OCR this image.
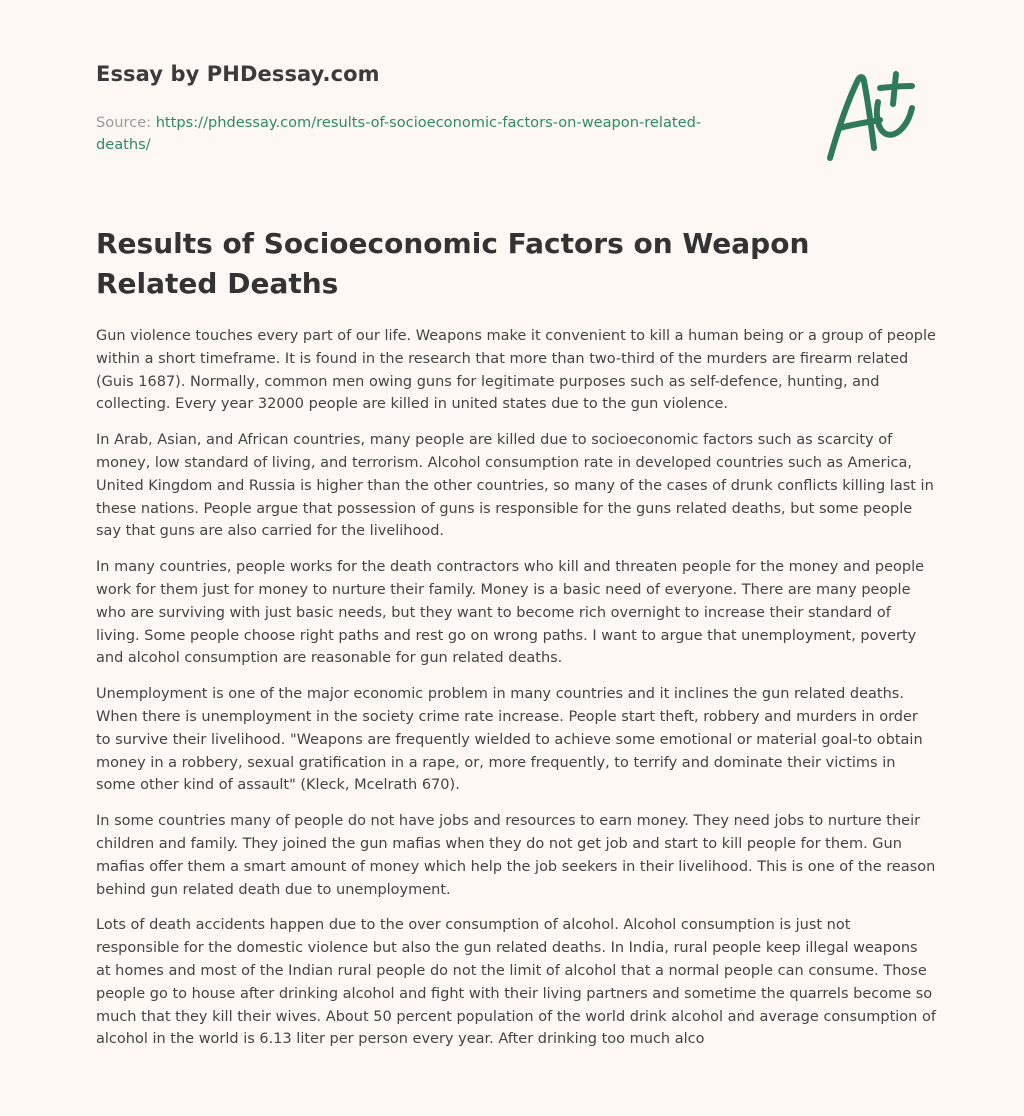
Essay by PHDessay.com
Source: https://phdessay.com/results-of-socioeconomic-factors-on-weapon-related-deaths/
Results of Socioeconomic Factors on Weapon Related Deaths

Gun violence touches every part of our life. Weapons make it convenient to kill a human being or a group of people within a short timeframe. It is found in the research that more than two-third of the murders are firearm related (Guis 1687). Normally, common men owing guns for legitimate purposes such as self-defence, hunting, and collecting. Every year 32000 people are killed in united states due to the gun violence.

In Arab, Asian, and African countries, many people are killed due to socioeconomic factors such as scarcity of money, low standard of living, and terrorism. Alcohol consumption rate in developed countries such as America, United Kingdom and Russia is higher than the other countries, so many of the cases of drunk conflicts killing last in these nations. People argue that possession of guns is responsible for the guns related deaths, but some people say that guns are also carried for the livelihood.

In many countries, people works for the death contractors who kill and threaten people for the money and people work for them just for money to nurture their family. Money is a basic need of everyone. There are many people who are surviving with just basic needs, but they want to become rich overnight to increase their standard of living. Some people choose right paths and rest go on wrong paths. I want to argue that unemployment, poverty and alcohol consumption are reasonable for gun related deaths.

Unemployment is one of the major economic problem in many countries and it inclines the gun related deaths. When there is unemployment in the society crime rate increase. People start theft, robbery and murders in order to survive their livelihood. "Weapons are frequently wielded to achieve some emotional or material goal-to obtain money in a robbery, sexual gratification in a rape, or, more frequently, to terrify and dominate their victims in some other kind of assault" (Kleck, Mcelrath 670).

In some countries many of people do not have jobs and resources to earn money. They need jobs to nurture their children and family. They joined the gun mafias when they do not get job and start to kill people for them. Gun mafias offer them a smart amount of money which help the job seekers in their livelihood. This is one of the reason behind gun related death due to unemployment.

Lots of death accidents happen due to the over consumption of alcohol. Alcohol consumption is just not responsible for the domestic violence but also the gun related deaths. In India, rural people keep illegal weapons at homes and most of the Indian rural people do not the limit of alcohol that a normal people can consume. Those people go to house after drinking alcohol and fight with their living partners and sometime the quarrels become so much that they kill their wives. About 50 percent population of the world drink alcohol and average consumption of alcohol in the world is 6.13 liter per person every year. After drinking too much alco
